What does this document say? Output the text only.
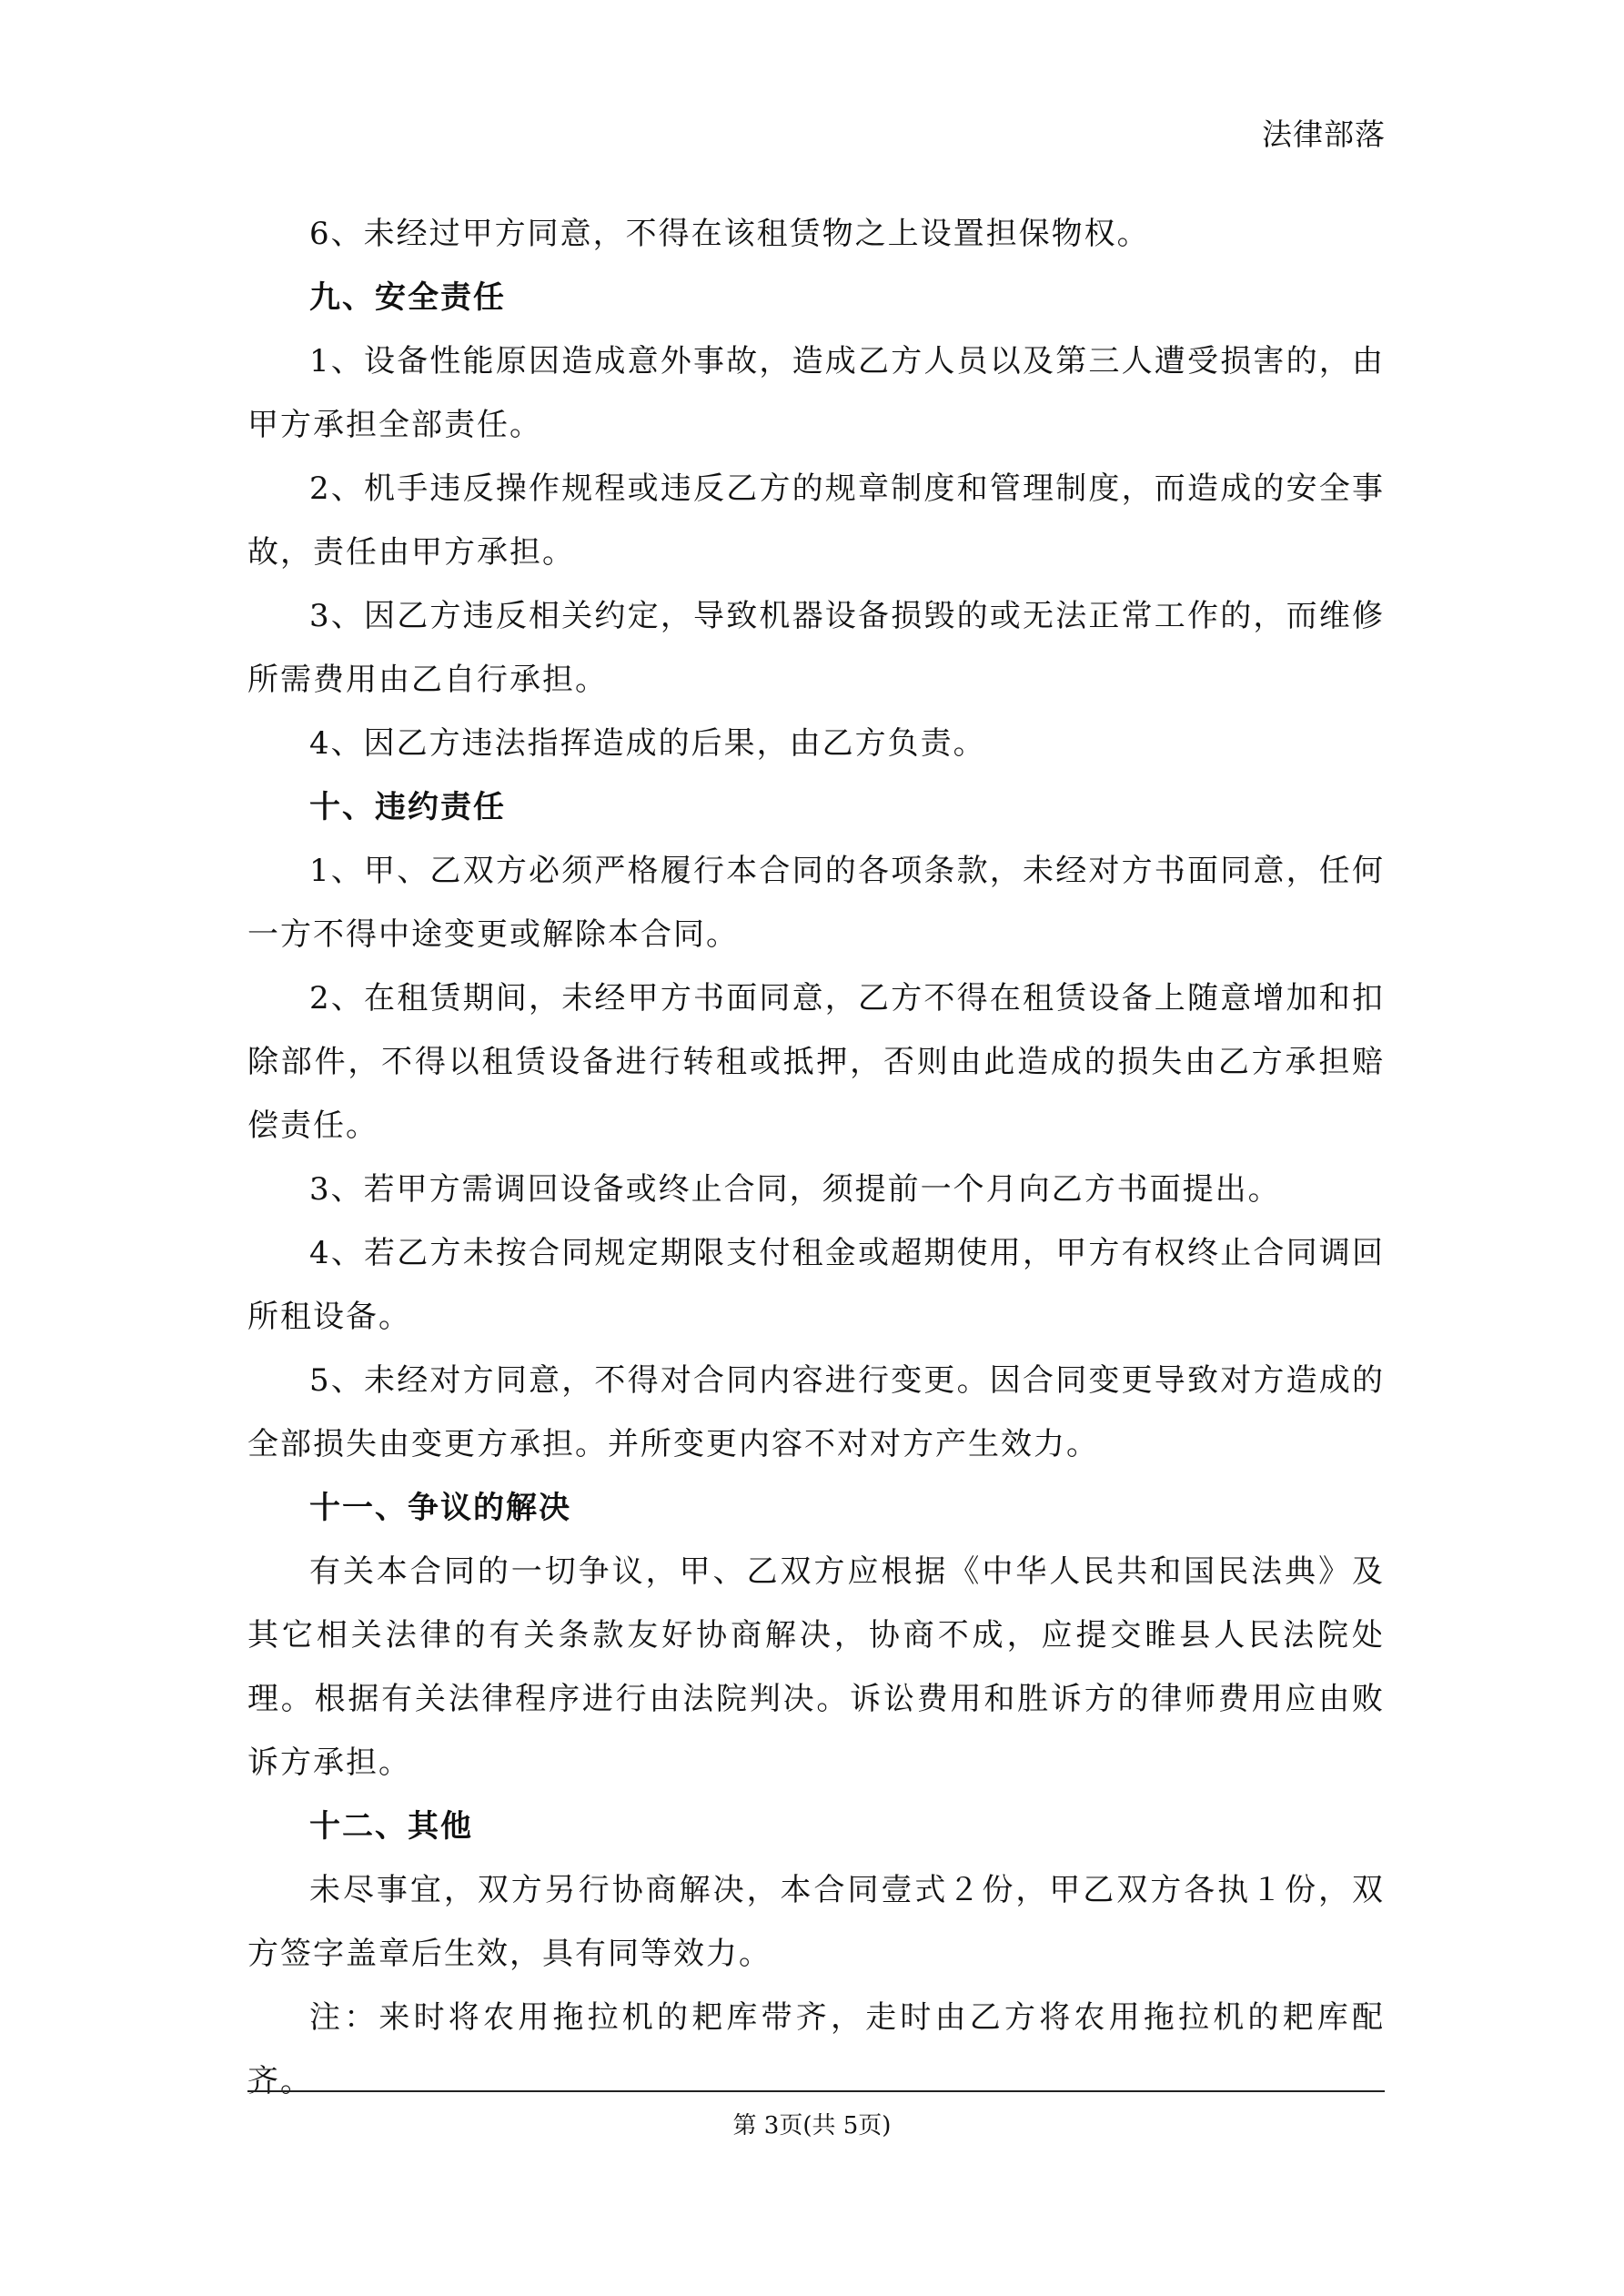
法律部落

6、未经过甲方同意，不得在该租赁物之上设置担保物权。

九、安全责任

1、设备性能原因造成意外事故，造成乙方人员以及第三人遭受损害的，由甲方承担全部责任。

2、机手违反操作规程或违反乙方的规章制度和管理制度，而造成的安全事故，责任由甲方承担。

3、因乙方违反相关约定，导致机器设备损毁的或无法正常工作的，而维修所需费用由乙自行承担。

4、因乙方违法指挥造成的后果，由乙方负责。

十、违约责任

1、甲、乙双方必须严格履行本合同的各项条款，未经对方书面同意，任何一方不得中途变更或解除本合同。

2、在租赁期间，未经甲方书面同意，乙方不得在租赁设备上随意增加和扣除部件，不得以租赁设备进行转租或抵押，否则由此造成的损失由乙方承担赔偿责任。

3、若甲方需调回设备或终止合同，须提前一个月向乙方书面提出。

4、若乙方未按合同规定期限支付租金或超期使用，甲方有权终止合同调回所租设备。

5、未经对方同意，不得对合同内容进行变更。因合同变更导致对方造成的全部损失由变更方承担。并所变更内容不对对方产生效力。

十一、争议的解决

有关本合同的一切争议，甲、乙双方应根据《中华人民共和国民法典》及其它相关法律的有关条款友好协商解决，协商不成，应提交睢县人民法院处理。根据有关法律程序进行由法院判决。诉讼费用和胜诉方的律师费用应由败诉方承担。

十二、其他

未尽事宜，双方另行协商解决，本合同壹式２份，甲乙双方各执１份，双方签字盖章后生效，具有同等效力。

注：来时将农用拖拉机的耙库带齐，走时由乙方将农用拖拉机的耙库配齐。

第 3页(共 5页)
